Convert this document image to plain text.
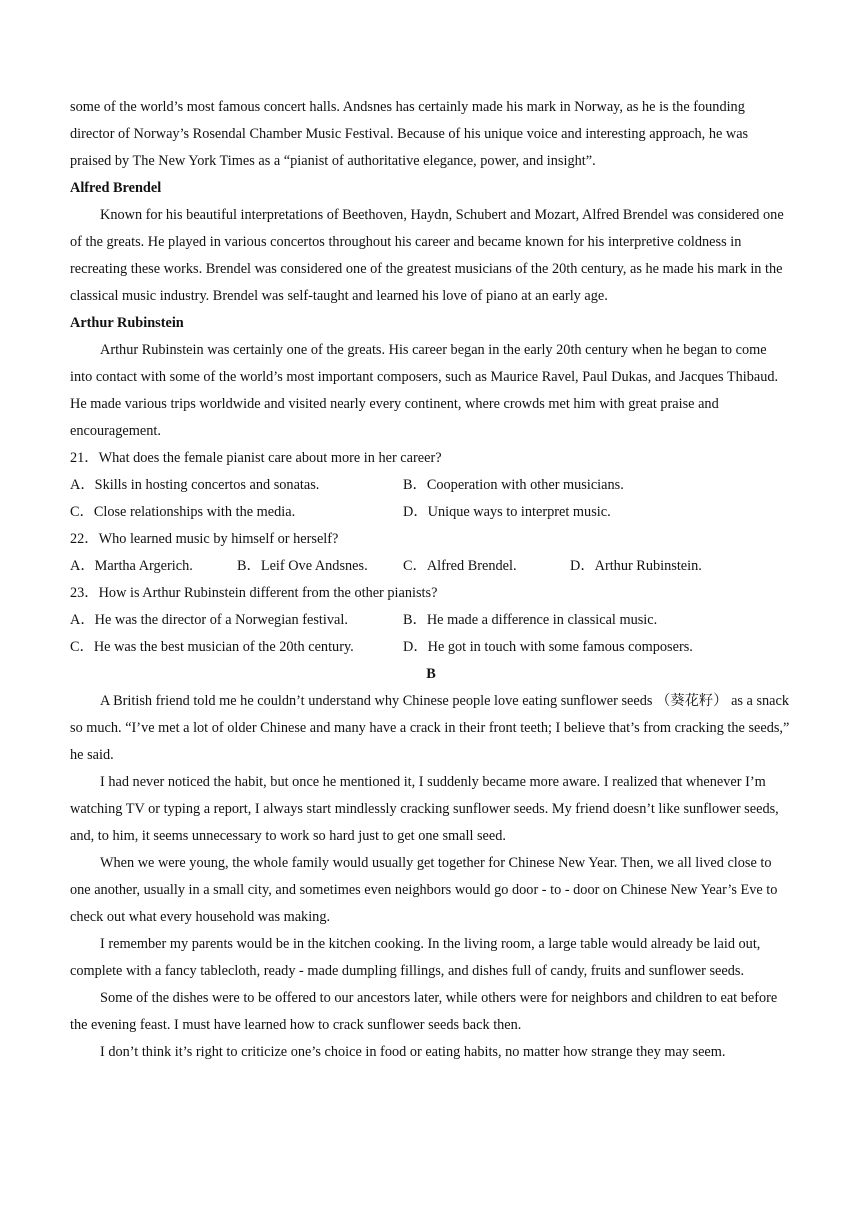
some of the world’s most famous concert halls. Andsnes has certainly made his mark in Norway, as he is the founding director of Norway’s Rosendal Chamber Music Festival. Because of his unique voice and interesting approach, he was praised by The New York Times as a “pianist of authoritative elegance, power, and insight”.

Alfred Brendel

Known for his beautiful interpretations of Beethoven, Haydn, Schubert and Mozart, Alfred Brendel was considered one of the greats. He played in various concertos throughout his career and became known for his interpretive coldness in recreating these works. Brendel was considered one of the greatest musicians of the 20th century, as he made his mark in the classical music industry. Brendel was self-taught and learned his love of piano at an early age.

Arthur Rubinstein

Arthur Rubinstein was certainly one of the greats. His career began in the early 20th century when he began to come into contact with some of the world’s most important composers, such as Maurice Ravel, Paul Dukas, and Jacques Thibaud. He made various trips worldwide and visited nearly every continent, where crowds met him with great praise and encouragement.

21．What does the female pianist care about more in her career?

A．Skills in hosting concertos and sonatas.	B．Cooperation with other musicians.
C．Close relationships with the media.	D．Unique ways to interpret music.

22．Who learned music by himself or herself?

A．Martha Argerich.	B．Leif Ove Andsnes.	C．Alfred Brendel.	D．Arthur Rubinstein.

23．How is Arthur Rubinstein different from the other pianists?

A．He was the director of a Norwegian festival.	B．He made a difference in classical music.
C．He was the best musician of the 20th century.	D．He got in touch with some famous composers.

B

A British friend told me he couldn’t understand why Chinese people love eating sunflower seeds （葵花籽） as a snack so much. “I’ve met a lot of older Chinese and many have a crack in their front teeth; I believe that’s from cracking the seeds,” he said.

I had never noticed the habit, but once he mentioned it, I suddenly became more aware. I realized that whenever I’m watching TV or typing a report, I always start mindlessly cracking sunflower seeds. My friend doesn’t like sunflower seeds, and, to him, it seems unnecessary to work so hard just to get one small seed.

When we were young, the whole family would usually get together for Chinese New Year. Then, we all lived close to one another, usually in a small city, and sometimes even neighbors would go door - to - door on Chinese New Year’s Eve to check out what every household was making.

I remember my parents would be in the kitchen cooking. In the living room, a large table would already be laid out, complete with a fancy tablecloth, ready - made dumpling fillings, and dishes full of candy, fruits and sunflower seeds.

Some of the dishes were to be offered to our ancestors later, while others were for neighbors and children to eat before the evening feast. I must have learned how to crack sunflower seeds back then.

I don’t think it’s right to criticize one’s choice in food or eating habits, no matter how strange they may seem.
